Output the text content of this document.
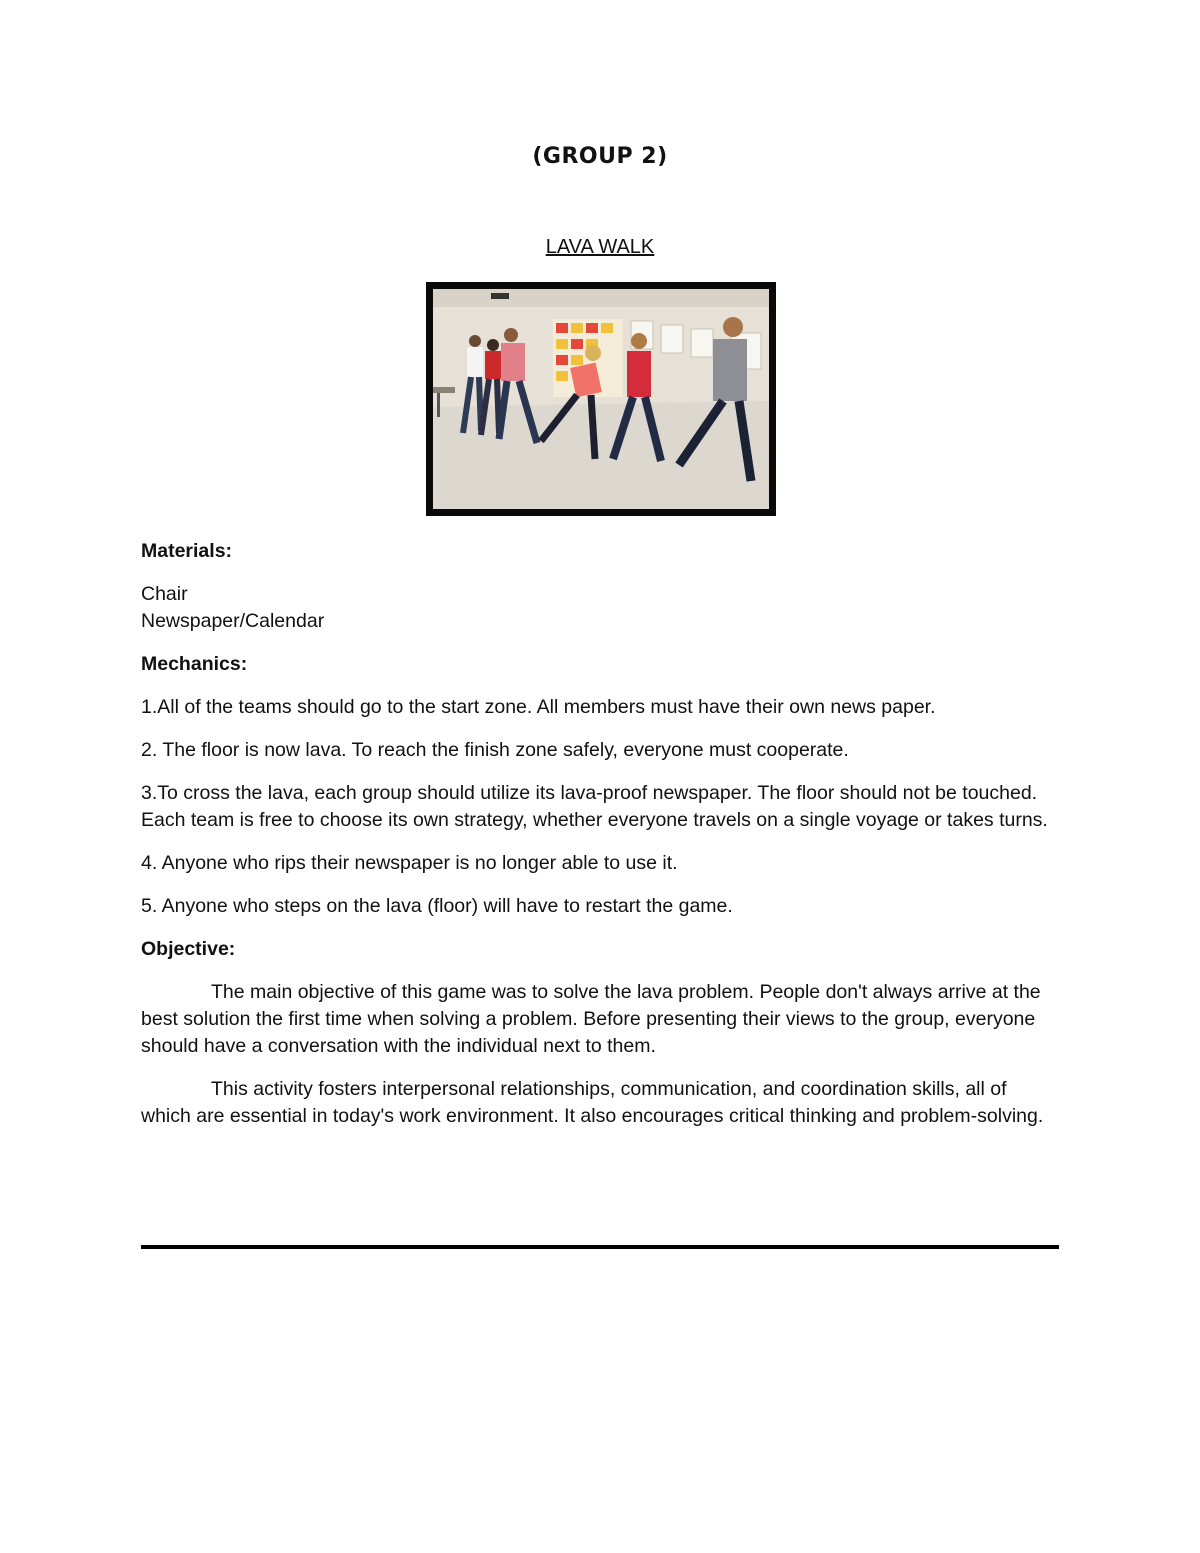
(GROUP 2)
LAVA WALK

Materials:

Chair

Newspaper/Calendar

Mechanics:

1.All of the teams should go to the start zone. All members must have their own news paper.

2. The floor is now lava. To reach the finish zone safely, everyone must cooperate.

3.To cross the lava, each group should utilize its lava-proof newspaper. The floor should not be touched. Each team is free to choose its own strategy, whether everyone travels on a single voyage or takes turns.

4. Anyone who rips their newspaper is no longer able to use it.

5. Anyone who steps on the lava (floor) will have to restart the game.

Objective:

The main objective of this game was to solve the lava problem. People don't always arrive at the best solution the first time when solving a problem. Before presenting their views to the group, everyone should have a conversation with the individual next to them.

This activity fosters interpersonal relationships, communication, and coordination skills, all of which are essential in today's work environment. It also encourages critical thinking and problem-solving.
